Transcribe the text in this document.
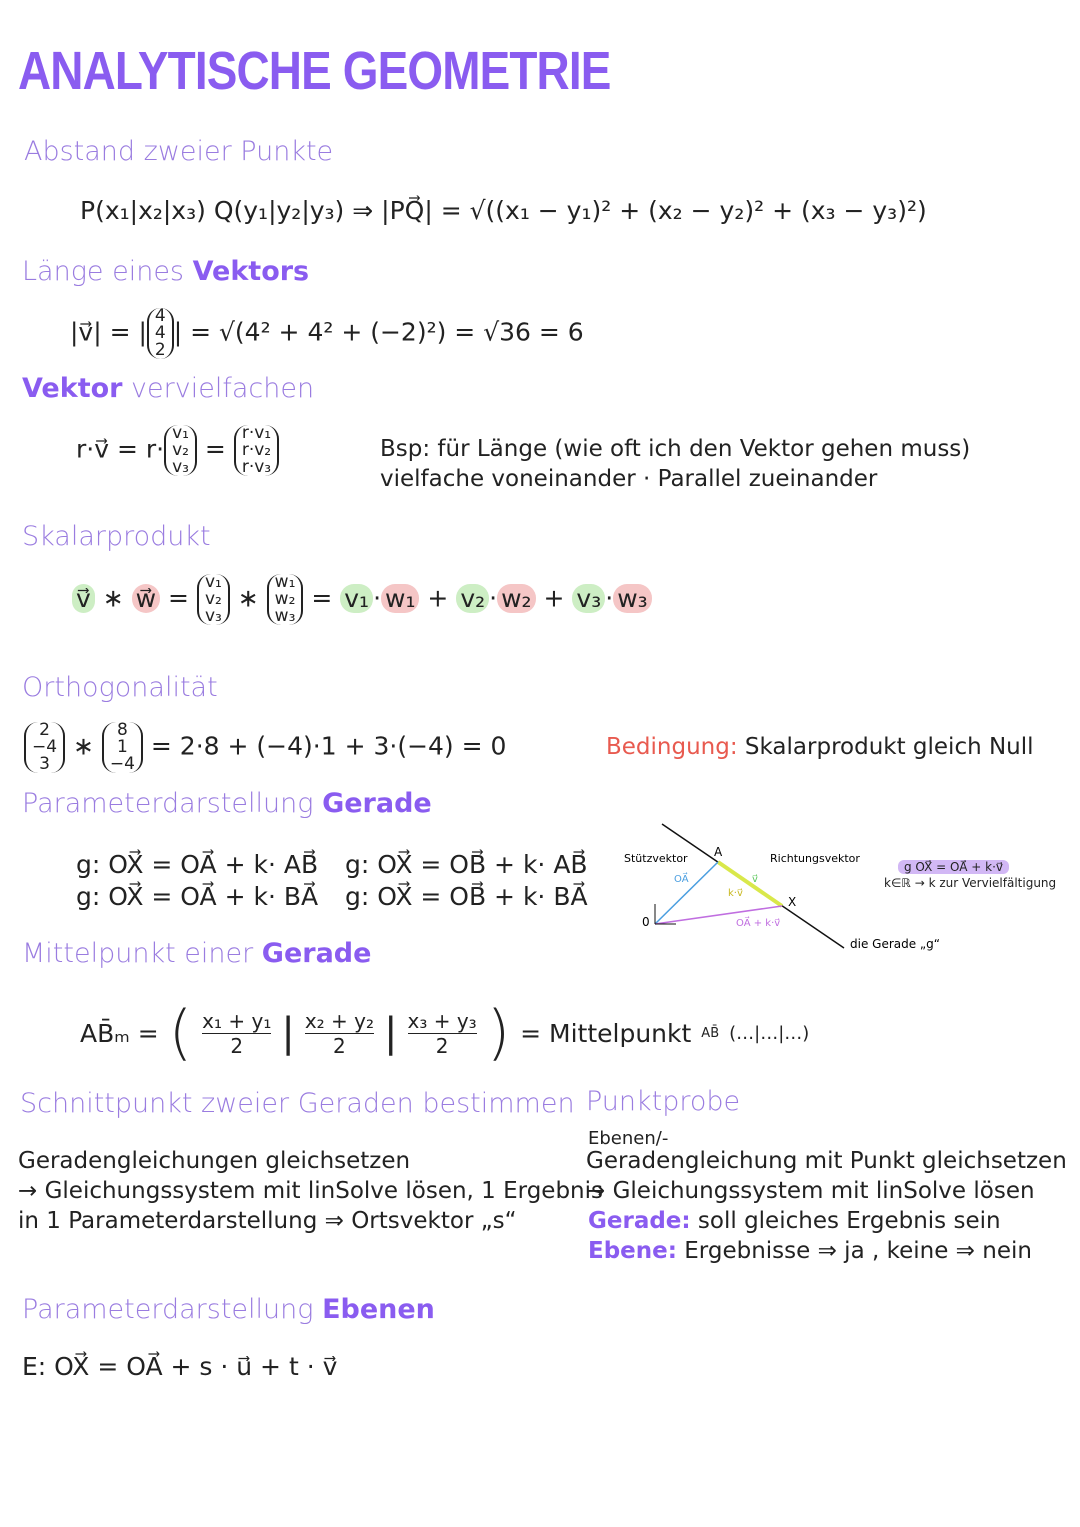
ANALYTISCHE GEOMETRIE
Abstand zweier Punkte
P(x₁|x₂|x₃) Q(y₁|y₂|y₃) ⇒ |PQ⃗| = √((x₁ − y₁)² + (x₂ − y₂)² + (x₃ − y₃)²)
Länge eines Vektors
|v⃗| = |
4
4
2
| = √(4² + 4² + (−2)²) = √36 = 6
Vektor vervielfachen
r·v⃗ = r·
v₁
v₂
v₃
=
r·v₁
r·v₂
r·v₃
Bsp: für Länge (wie oft ich den Vektor gehen muss)
vielfache voneinander · Parallel zueinander
Skalarprodukt
v⃗ ∗ w⃗ =
v₁
v₂
v₃
∗
w₁
w₂
w₃
= v₁ · w₁ + v₂ · w₂ + v₃ · w₃
Orthogonalität
2
−4
3
∗
8
1
−4
= 2·8 + (−4)·1 + 3·(−4) = 0	Bedingung: Skalarprodukt gleich Null
Parameterdarstellung Gerade
g: OX⃗ = OA⃗ + k· AB⃗
g: OX⃗ = OA⃗ + k· BA⃗
g: OX⃗ = OB⃗ + k· AB⃗
g: OX⃗ = OB⃗ + k· BA⃗
Stützvektor
OA⃗
A	Richtungsvektor
v⃗
k·v⃗
X
OA⃗ + k·v⃗
0
die Gerade „g“
g OX⃗ = OA⃗ + k·v⃗
k∈ℝ → k zur Vervielfältigung
Mittelpunkt einer Gerade
AB̄ₘ = ( $\frac{\text{x₁ + y₁}}{2}$ | $\frac{\text{x₂ + y₂}}{2}$ | $\frac{\text{x₃ + y₃}}{2}$ ) = Mittelpunkt AB̄ (…|…|…)
Schnittpunkt zweier Geraden bestimmen
Geradengleichungen gleichsetzen
→ Gleichungssystem mit linSolve lösen, 1 Ergebnis
in 1 Parameterdarstellung ⇒ Ortsvektor „s“
Punktprobe
Ebenen/-
Geradengleichung mit Punkt gleichsetzen
→ Gleichungssystem mit linSolve lösen
Gerade: soll gleiches Ergebnis sein
Ebene: Ergebnisse ⇒ ja , keine ⇒ nein
Parameterdarstellung Ebenen
E: OX⃗ = OA⃗ + s · u⃗ + t · v⃗
